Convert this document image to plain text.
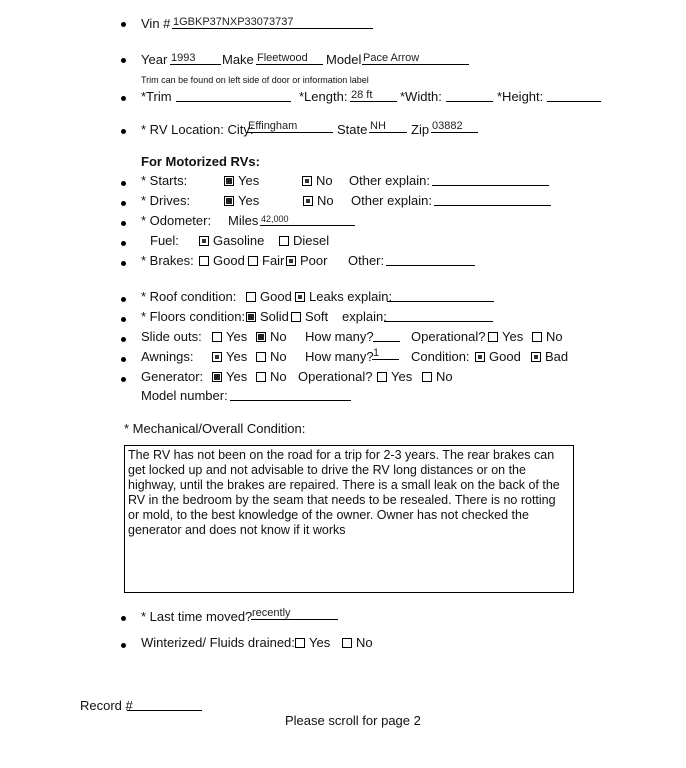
Vin # 1GBKP37NXP33073737
Year 1993	Make Fleetwood	Model Pace Arrow
Trim can be found on left side of door or information label
*Trim	*Length: 28 ft	*Width:	*Height:
* RV Location: City:
Effingham	State NH	Zip 03882
For Motorized RVs:
* Starts:	Yes	No Other explain:
* Drives:	Yes	No Other explain:
* Odometer: Miles 42,000
Fuel:	Gasoline	Diesel
* Brakes:	Good	Fair	Poor Other:
* Roof condition:	Good	Leaks explain:
* Floors condition:	Solid	Soft explain:
Slide outs:	Yes	No How many?	Operational?	Yes	No
Awnings:	Yes	No How many? 1	Condition:	Good	Bad
Generator:	Yes	No Operational?	Yes	No
Model number:
* Mechanical/Overall Condition:
The RV has not been on the road for a trip for 2-3 years. The rear brakes can get locked up and not advisable to drive the RV long distances or on the highway, until the brakes are repaired. There is a small leak on the back of the RV in the bedroom by the seam that needs to be resealed. There is no rotting or mold, to the best knowledge of the owner. Owner has not checked the generator and does not know if it works
* Last time moved? recently
Winterized/ Fluids drained:	Yes	No
Record #
Please scroll for page 2
